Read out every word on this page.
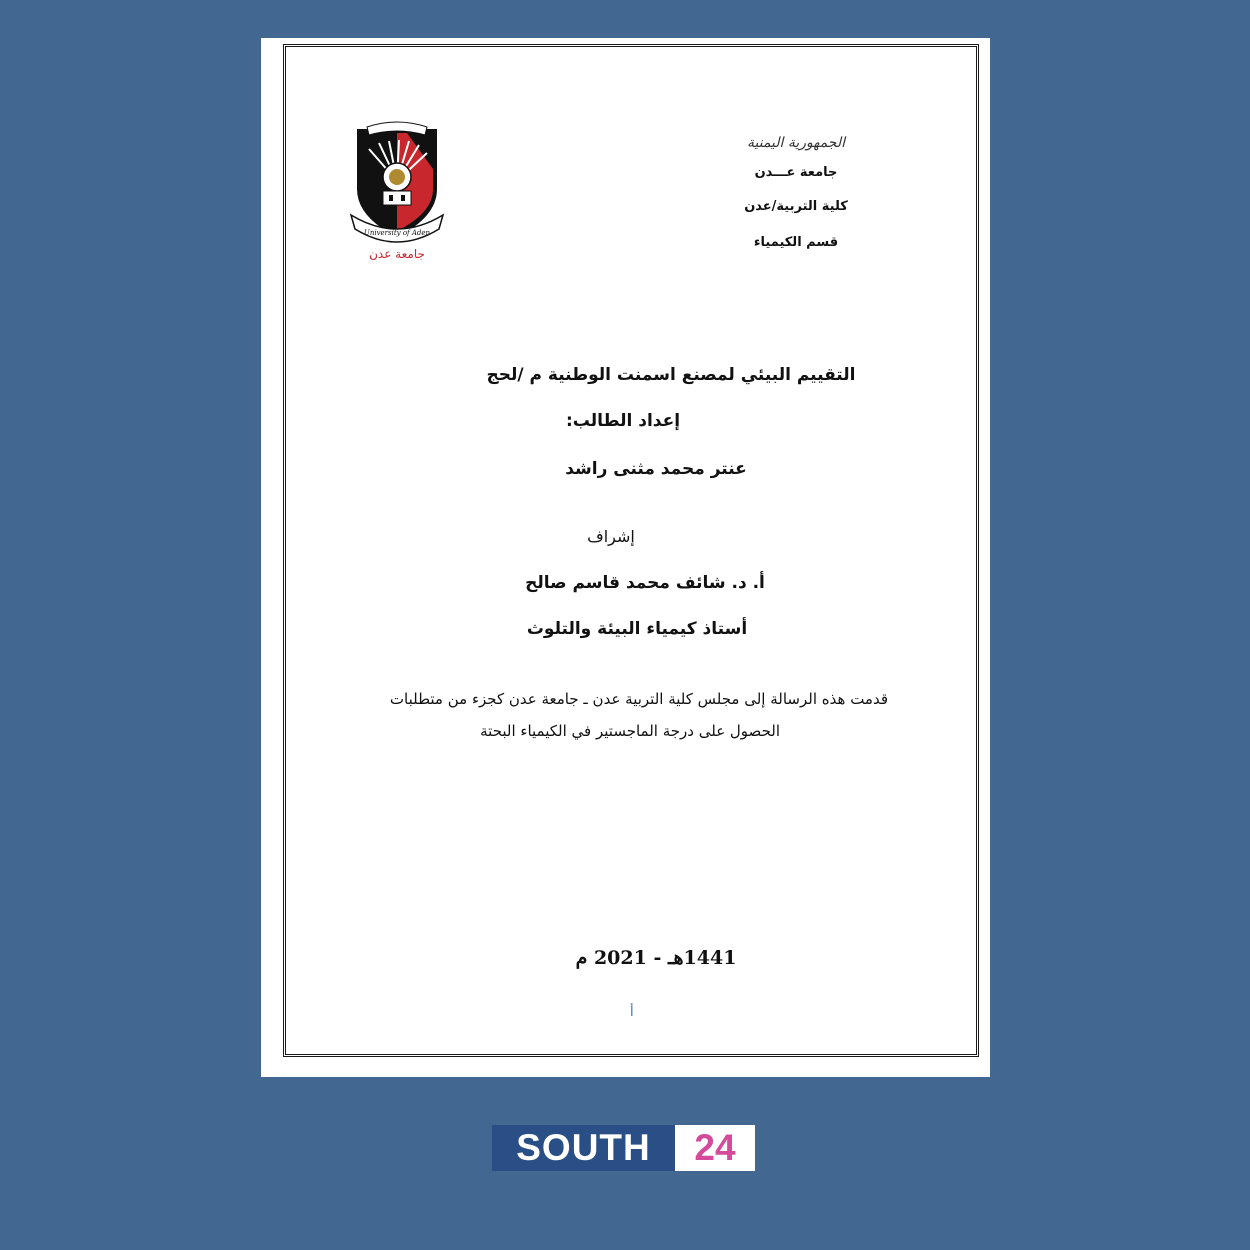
University of Aden
جامعة عدن
الجمهورية اليمنية
جامعة عـــدن
كلية التربية/عدن
قسم الكيمياء
التقييم البيئي لمصنع اسمنت الوطنية م /لحج
إعداد الطالب:
عنتر محمد مثنى راشد
إشراف
أ. د. شائف محمد قاسم صالح
أستاذ كيمياء البيئة والتلوث
قدمت هذه الرسالة إلى مجلس كلية التربية عدن ـ جامعة عدن كجزء من متطلبات
الحصول على درجة الماجستير في الكيمياء البحتة
1441هـ - 2021 م
أ
SOUTH	24
